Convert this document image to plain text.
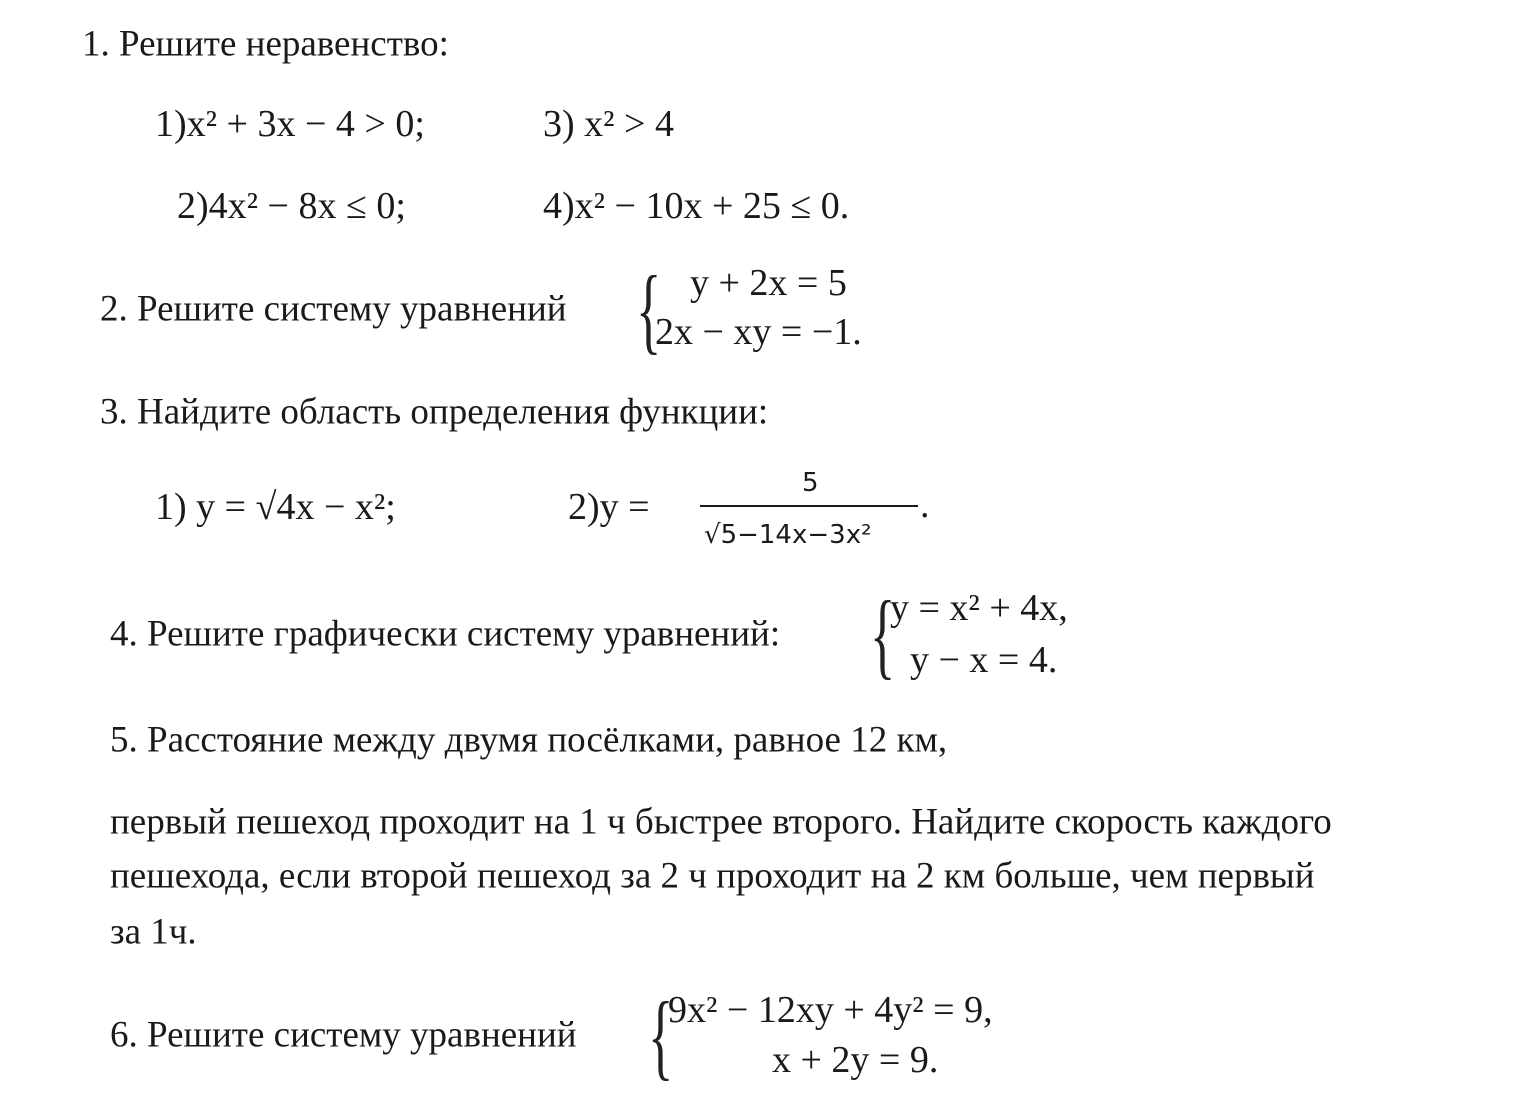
1. Решите неравенство:
1)x² + 3x − 4 > 0;	3) x² > 4
2)4x² − 8x ≤ 0;	4)x² − 10x + 25 ≤ 0.
2. Решите систему уравнений { y + 2x = 5
2x − xy = −1.
3. Найдите область определения функции:
1) y = √4x − x²;	2)y =
5
√5−14x−3x²
.
4. Решите графически систему уравнений: {
y = x² + 4x,
y − x = 4.
5. Расстояние между двумя посёлками, равное 12 км,
первый пешеход проходит на 1 ч быстрее второго. Найдите скорость каждого
пешехода, если второй пешеход за 2 ч проходит на 2 км больше, чем первый
за 1ч.
6. Решите систему уравнений {
9x² − 12xy + 4y² = 9,
x + 2y = 9.
